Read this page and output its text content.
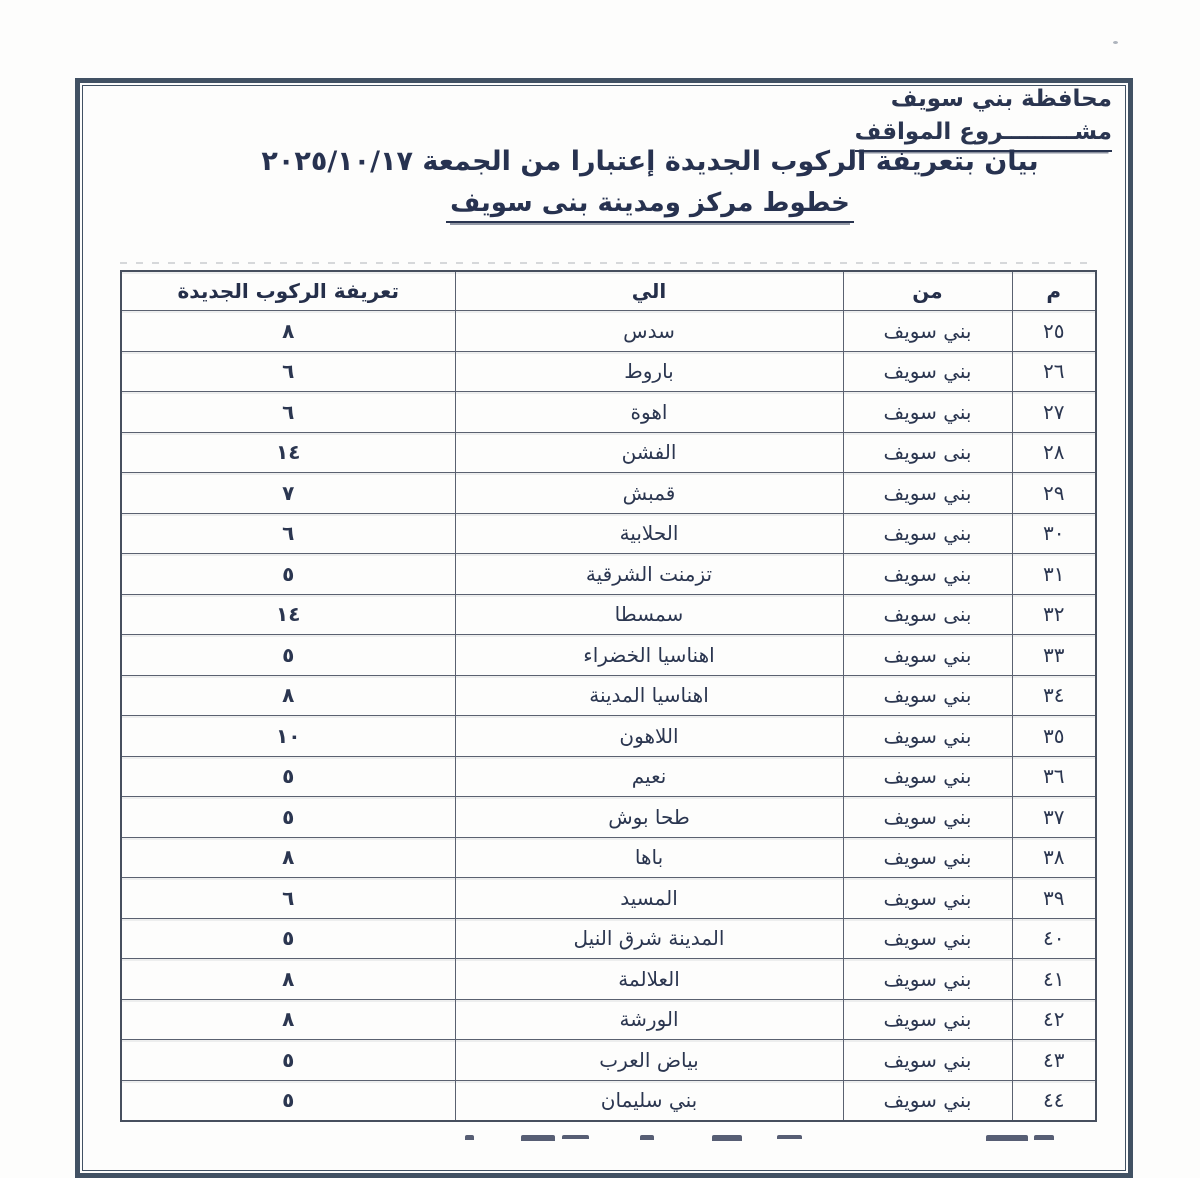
محافظة بني سويف
مشـــــــــروع المواقف
بيان بتعريفة الركوب الجديدة إعتبارا من الجمعة ٢٠٢٥/١٠/١٧
خطوط مركز ومدينة بنى سويف
م	من	الي	تعريفة الركوب الجديدة
٢٥	بني سويف	سدس	٨
٢٦	بني سويف	باروط	٦
٢٧	بني سويف	اهوة	٦
٢٨	بنى سويف	الفشن	١٤
٢٩	بني سويف	قمبش	٧
٣٠	بني سويف	الحلابية	٦
٣١	بني سويف	تزمنت الشرقية	٥
٣٢	بنى سويف	سمسطا	١٤
٣٣	بني سويف	اهناسيا الخضراء	٥
٣٤	بني سويف	اهناسيا المدينة	٨
٣٥	بني سويف	اللاهون	١٠
٣٦	بني سويف	نعيم	٥
٣٧	بني سويف	طحا بوش	٥
٣٨	بني سويف	باها	٨
٣٩	بني سويف	المسيد	٦
٤٠	بني سويف	المدينة شرق النيل	٥
٤١	بني سويف	العلالمة	٨
٤٢	بني سويف	الورشة	٨
٤٣	بني سويف	بياض العرب	٥
٤٤	بني سويف	بني سليمان	٥
